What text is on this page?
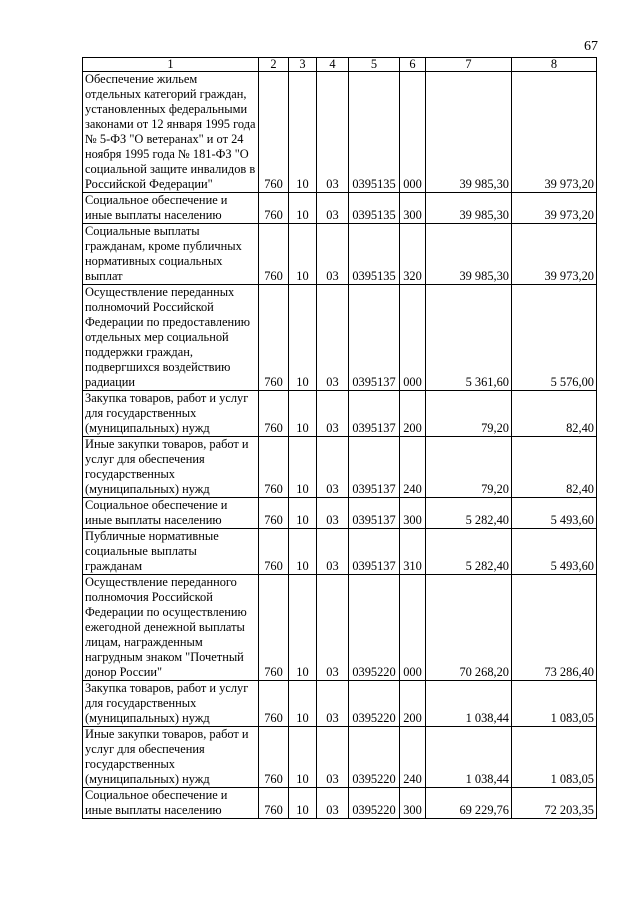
67
1	2	3	4	5	6	7	8

Обеспечение жильем отдельных категорий граждан, установленных федеральными законами от 12 января 1995 года № 5-ФЗ "О ветеранах" и от 24 ноября 1995 года № 181-ФЗ "О социальной защите инвалидов в Российской Федерации"	760	10	03	0395135	000	39 985,30	39 973,20

Социальное обеспечение и иные выплаты населению	760	10	03	0395135	300	39 985,30	39 973,20

Социальные выплаты гражданам, кроме публичных нормативных социальных выплат	760	10	03	0395135	320	39 985,30	39 973,20

Осуществление переданных полномочий Российской Федерации по предоставлению отдельных мер социальной поддержки граждан, подвергшихся воздействию радиации	760	10	03	0395137	000	5 361,60	5 576,00

Закупка товаров, работ и услуг для государственных (муниципальных) нужд	760	10	03	0395137	200	79,20	82,40

Иные закупки товаров, работ и услуг для обеспечения государственных (муниципальных) нужд	760	10	03	0395137	240	79,20	82,40

Социальное обеспечение и иные выплаты населению	760	10	03	0395137	300	5 282,40	5 493,60

Публичные нормативные социальные выплаты гражданам	760	10	03	0395137	310	5 282,40	5 493,60

Осуществление переданного полномочия Российской Федерации по осуществлению ежегодной денежной выплаты лицам, награжденным нагрудным знаком "Почетный донор России"	760	10	03	0395220	000	70 268,20	73 286,40

Закупка товаров, работ и услуг для государственных (муниципальных) нужд	760	10	03	0395220	200	1 038,44	1 083,05

Иные закупки товаров, работ и услуг для обеспечения государственных (муниципальных) нужд	760	10	03	0395220	240	1 038,44	1 083,05

Социальное обеспечение и иные выплаты населению	760	10	03	0395220	300	69 229,76	72 203,35
